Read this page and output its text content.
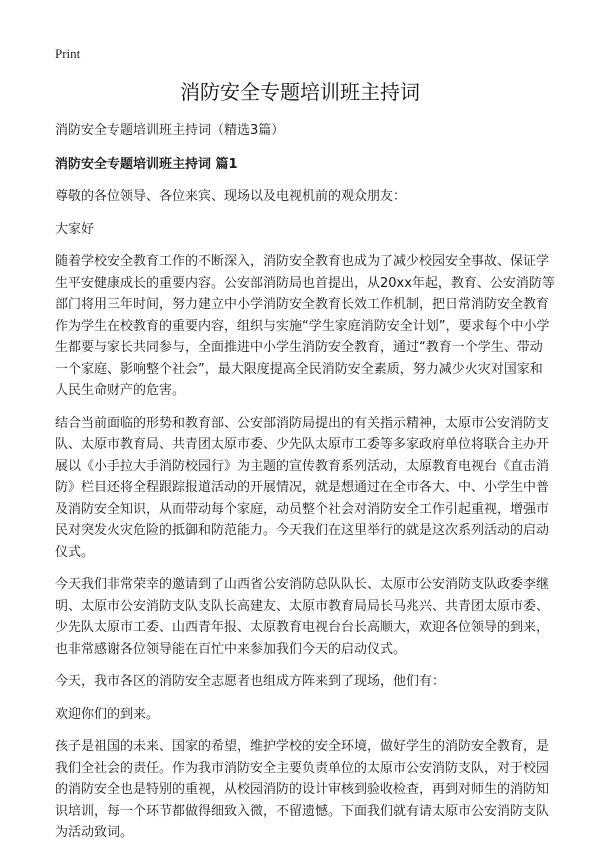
Print
消防安全专题培训班主持词

消防安全专题培训班主持词（精选3篇）

消防安全专题培训班主持词 篇1

尊敬的各位领导、各位来宾、现场以及电视机前的观众朋友：

大家好

随着学校安全教育工作的不断深入，消防安全教育也成为了减少校园安全事故、保证学生平安健康成长的重要内容。公安部消防局也首提出，从20xx年起，教育、公安消防等部门将用三年时间，努力建立中小学消防安全教育长效工作机制，把日常消防安全教育作为学生在校教育的重要内容，组织与实施“学生家庭消防安全计划”，要求每个中小学生都要与家长共同参与，全面推进中小学生消防安全教育，通过“教育一个学生、带动一个家庭、影响整个社会”，最大限度提高全民消防安全素质，努力减少火灾对国家和人民生命财产的危害。

结合当前面临的形势和教育部、公安部消防局提出的有关指示精神，太原市公安消防支队、太原市教育局、共青团太原市委、少先队太原市工委等多家政府单位将联合主办开展以《小手拉大手消防校园行》为主题的宣传教育系列活动，太原教育电视台《直击消防》栏目还将全程跟踪报道活动的开展情况，就是想通过在全市各大、中、小学生中普及消防安全知识，从而带动每个家庭，动员整个社会对消防安全工作引起重视，增强市民对突发火灾危险的抵御和防范能力。今天我们在这里举行的就是这次系列活动的启动仪式。

今天我们非常荣幸的邀请到了山西省公安消防总队队长、太原市公安消防支队政委李继明、太原市公安消防支队支队长高建友、太原市教育局局长马兆兴、共青团太原市委、少先队太原市工委、山西青年报、太原教育电视台台长高顺大，欢迎各位领导的到来，也非常感谢各位领导能在百忙中来参加我们今天的启动仪式。

今天，我市各区的消防安全志愿者也组成方阵来到了现场，他们有：

欢迎你们的到来。

孩子是祖国的未来、国家的希望，维护学校的安全环境，做好学生的消防安全教育，是我们全社会的责任。作为我市消防安全主要负责单位的太原市公安消防支队，对于校园的消防安全也是特别的重视，从校园消防的设计审核到验收检查，再到对师生的消防知识培训，每一个环节都做得细致入微，不留遗憾。下面我们就有请太原市公安消防支队为活动致词。
